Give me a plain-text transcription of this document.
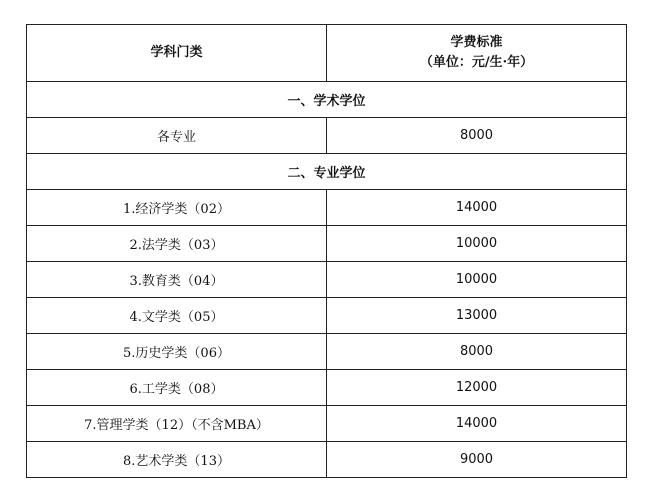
学科门类	学费标准
（单位：元/生·年）

一、学术学位	
各专业	8000
二、专业学位	
1.经济学类（02）	14000
2.法学类（03）	10000
3.教育类（04）	10000
4.文学类（05）	13000
5.历史学类（06）	8000
6.工学类（08）	12000
7.管理学类（12）（不含MBA）	14000
8.艺术学类（13）	9000
